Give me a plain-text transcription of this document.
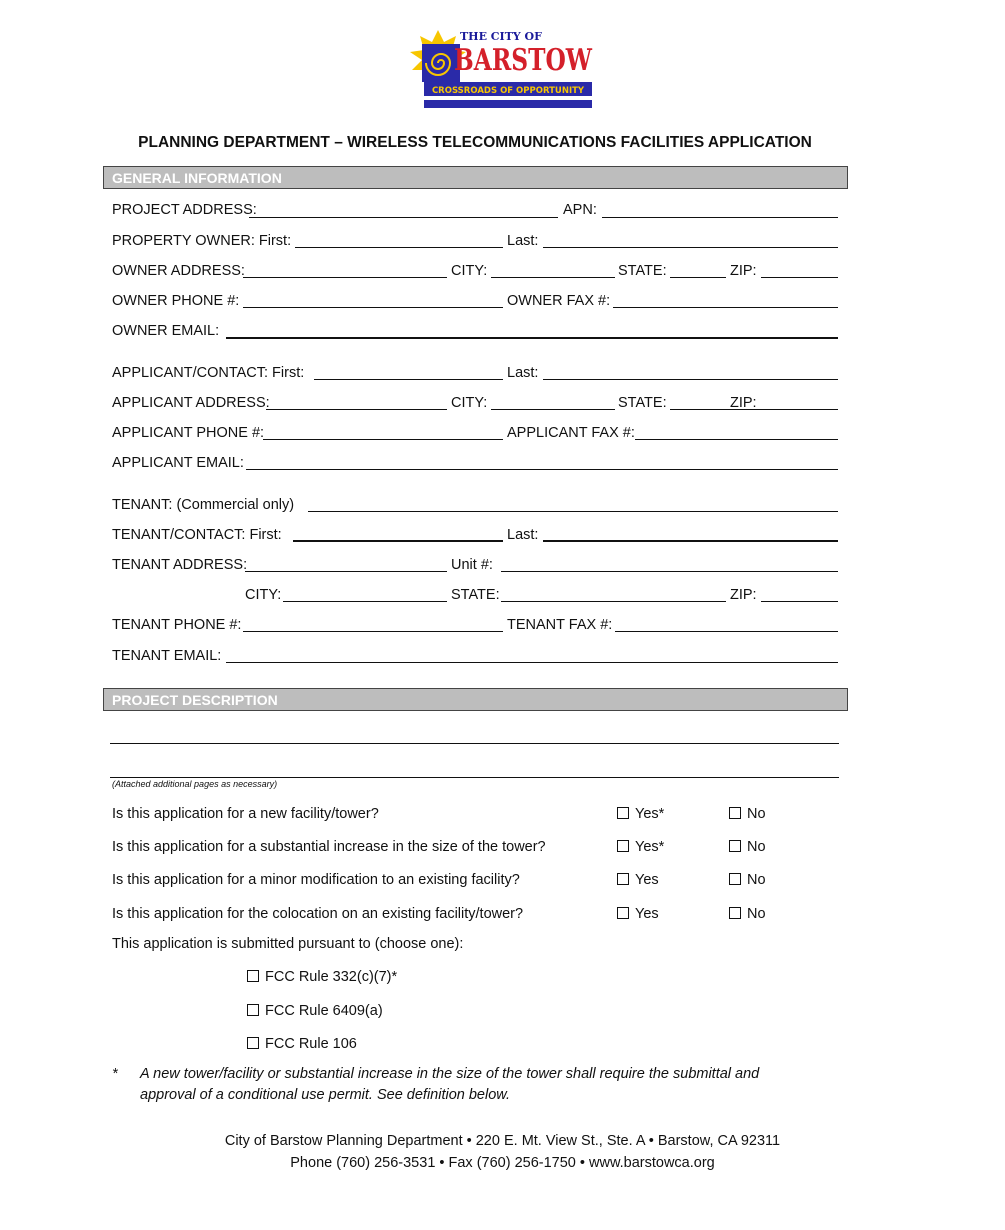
THE CITY OF
BARSTOW
CROSSROADS OF OPPORTUNITY
PLANNING DEPARTMENT – WIRELESS TELECOMMUNICATIONS FACILITIES APPLICATION
GENERAL INFORMATION
PROJECT ADDRESS:	APN:
PROPERTY OWNER: First:	Last:
OWNER ADDRESS:	CITY:	STATE:	ZIP:
OWNER PHONE #:	OWNER FAX #:
OWNER EMAIL:
APPLICANT/CONTACT: First:	Last:
APPLICANT ADDRESS:	CITY:	STATE:	ZIP:
APPLICANT PHONE #:	APPLICANT FAX #:
APPLICANT EMAIL:
TENANT: (Commercial only)
TENANT/CONTACT: First:	Last:
TENANT ADDRESS:	Unit #:
CITY:	STATE:	ZIP:
TENANT PHONE #:	TENANT FAX #:
TENANT EMAIL:
PROJECT DESCRIPTION
(Attached additional pages as necessary)
Is this application for a new facility/tower?	Yes*	No
Is this application for a substantial increase in the size of the tower?	Yes*	No
Is this application for a minor modification to an existing facility?	Yes	No
Is this application for the colocation on an existing facility/tower?	Yes	No
This application is submitted pursuant to (choose one):
FCC Rule 332(c)(7)*
FCC Rule 6409(a)
FCC Rule 106
* A new tower/facility or substantial increase in the size of the tower shall require the submittal and
approval of a conditional use permit. See definition below.
City of Barstow Planning Department • 220 E. Mt. View St., Ste. A • Barstow, CA 92311
Phone (760) 256-3531 • Fax (760) 256-1750 • www.barstowca.org
